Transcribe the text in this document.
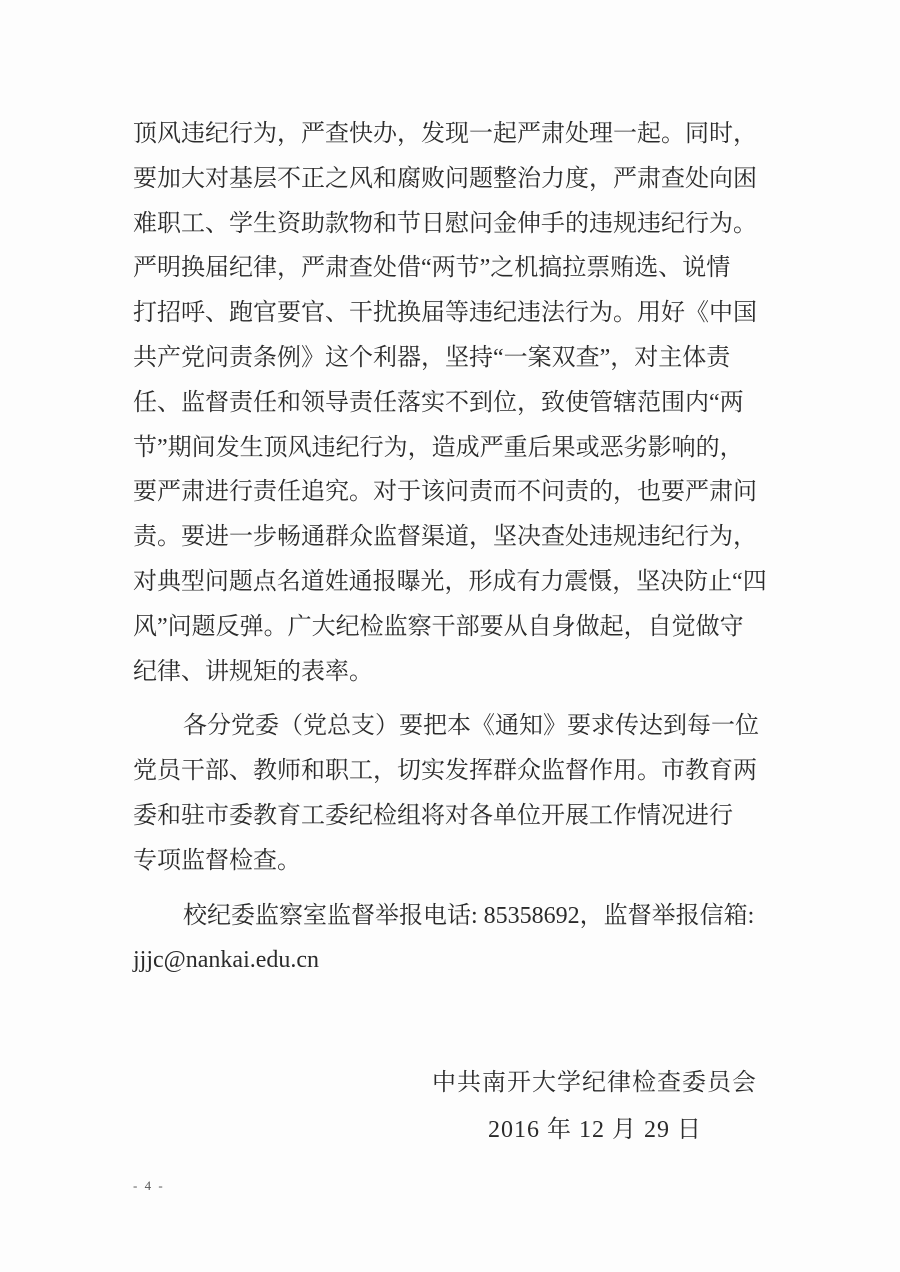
顶风违纪行为，严查快办，发现一起严肃处理一起。同时，
要加大对基层不正之风和腐败问题整治力度，严肃查处向困
难职工、学生资助款物和节日慰问金伸手的违规违纪行为。
严明换届纪律，严肃查处借“两节”之机搞拉票贿选、说情
打招呼、跑官要官、干扰换届等违纪违法行为。用好《中国
共产党问责条例》这个利器，坚持“一案双查”，对主体责
任、监督责任和领导责任落实不到位，致使管辖范围内“两
节”期间发生顶风违纪行为，造成严重后果或恶劣影响的，
要严肃进行责任追究。对于该问责而不问责的，也要严肃问
责。要进一步畅通群众监督渠道，坚决查处违规违纪行为，
对典型问题点名道姓通报曝光，形成有力震慑，坚决防止“四
风”问题反弹。广大纪检监察干部要从自身做起，自觉做守
纪律、讲规矩的表率。
各分党委（党总支）要把本《通知》要求传达到每一位
党员干部、教师和职工，切实发挥群众监督作用。市教育两
委和驻市委教育工委纪检组将对各单位开展工作情况进行
专项监督检查。
校纪委监察室监督举报电话: 85358692，监督举报信箱:
jjjc@nankai.edu.cn
中共南开大学纪律检查委员会
2016 年 12 月 29 日
- 4 -
